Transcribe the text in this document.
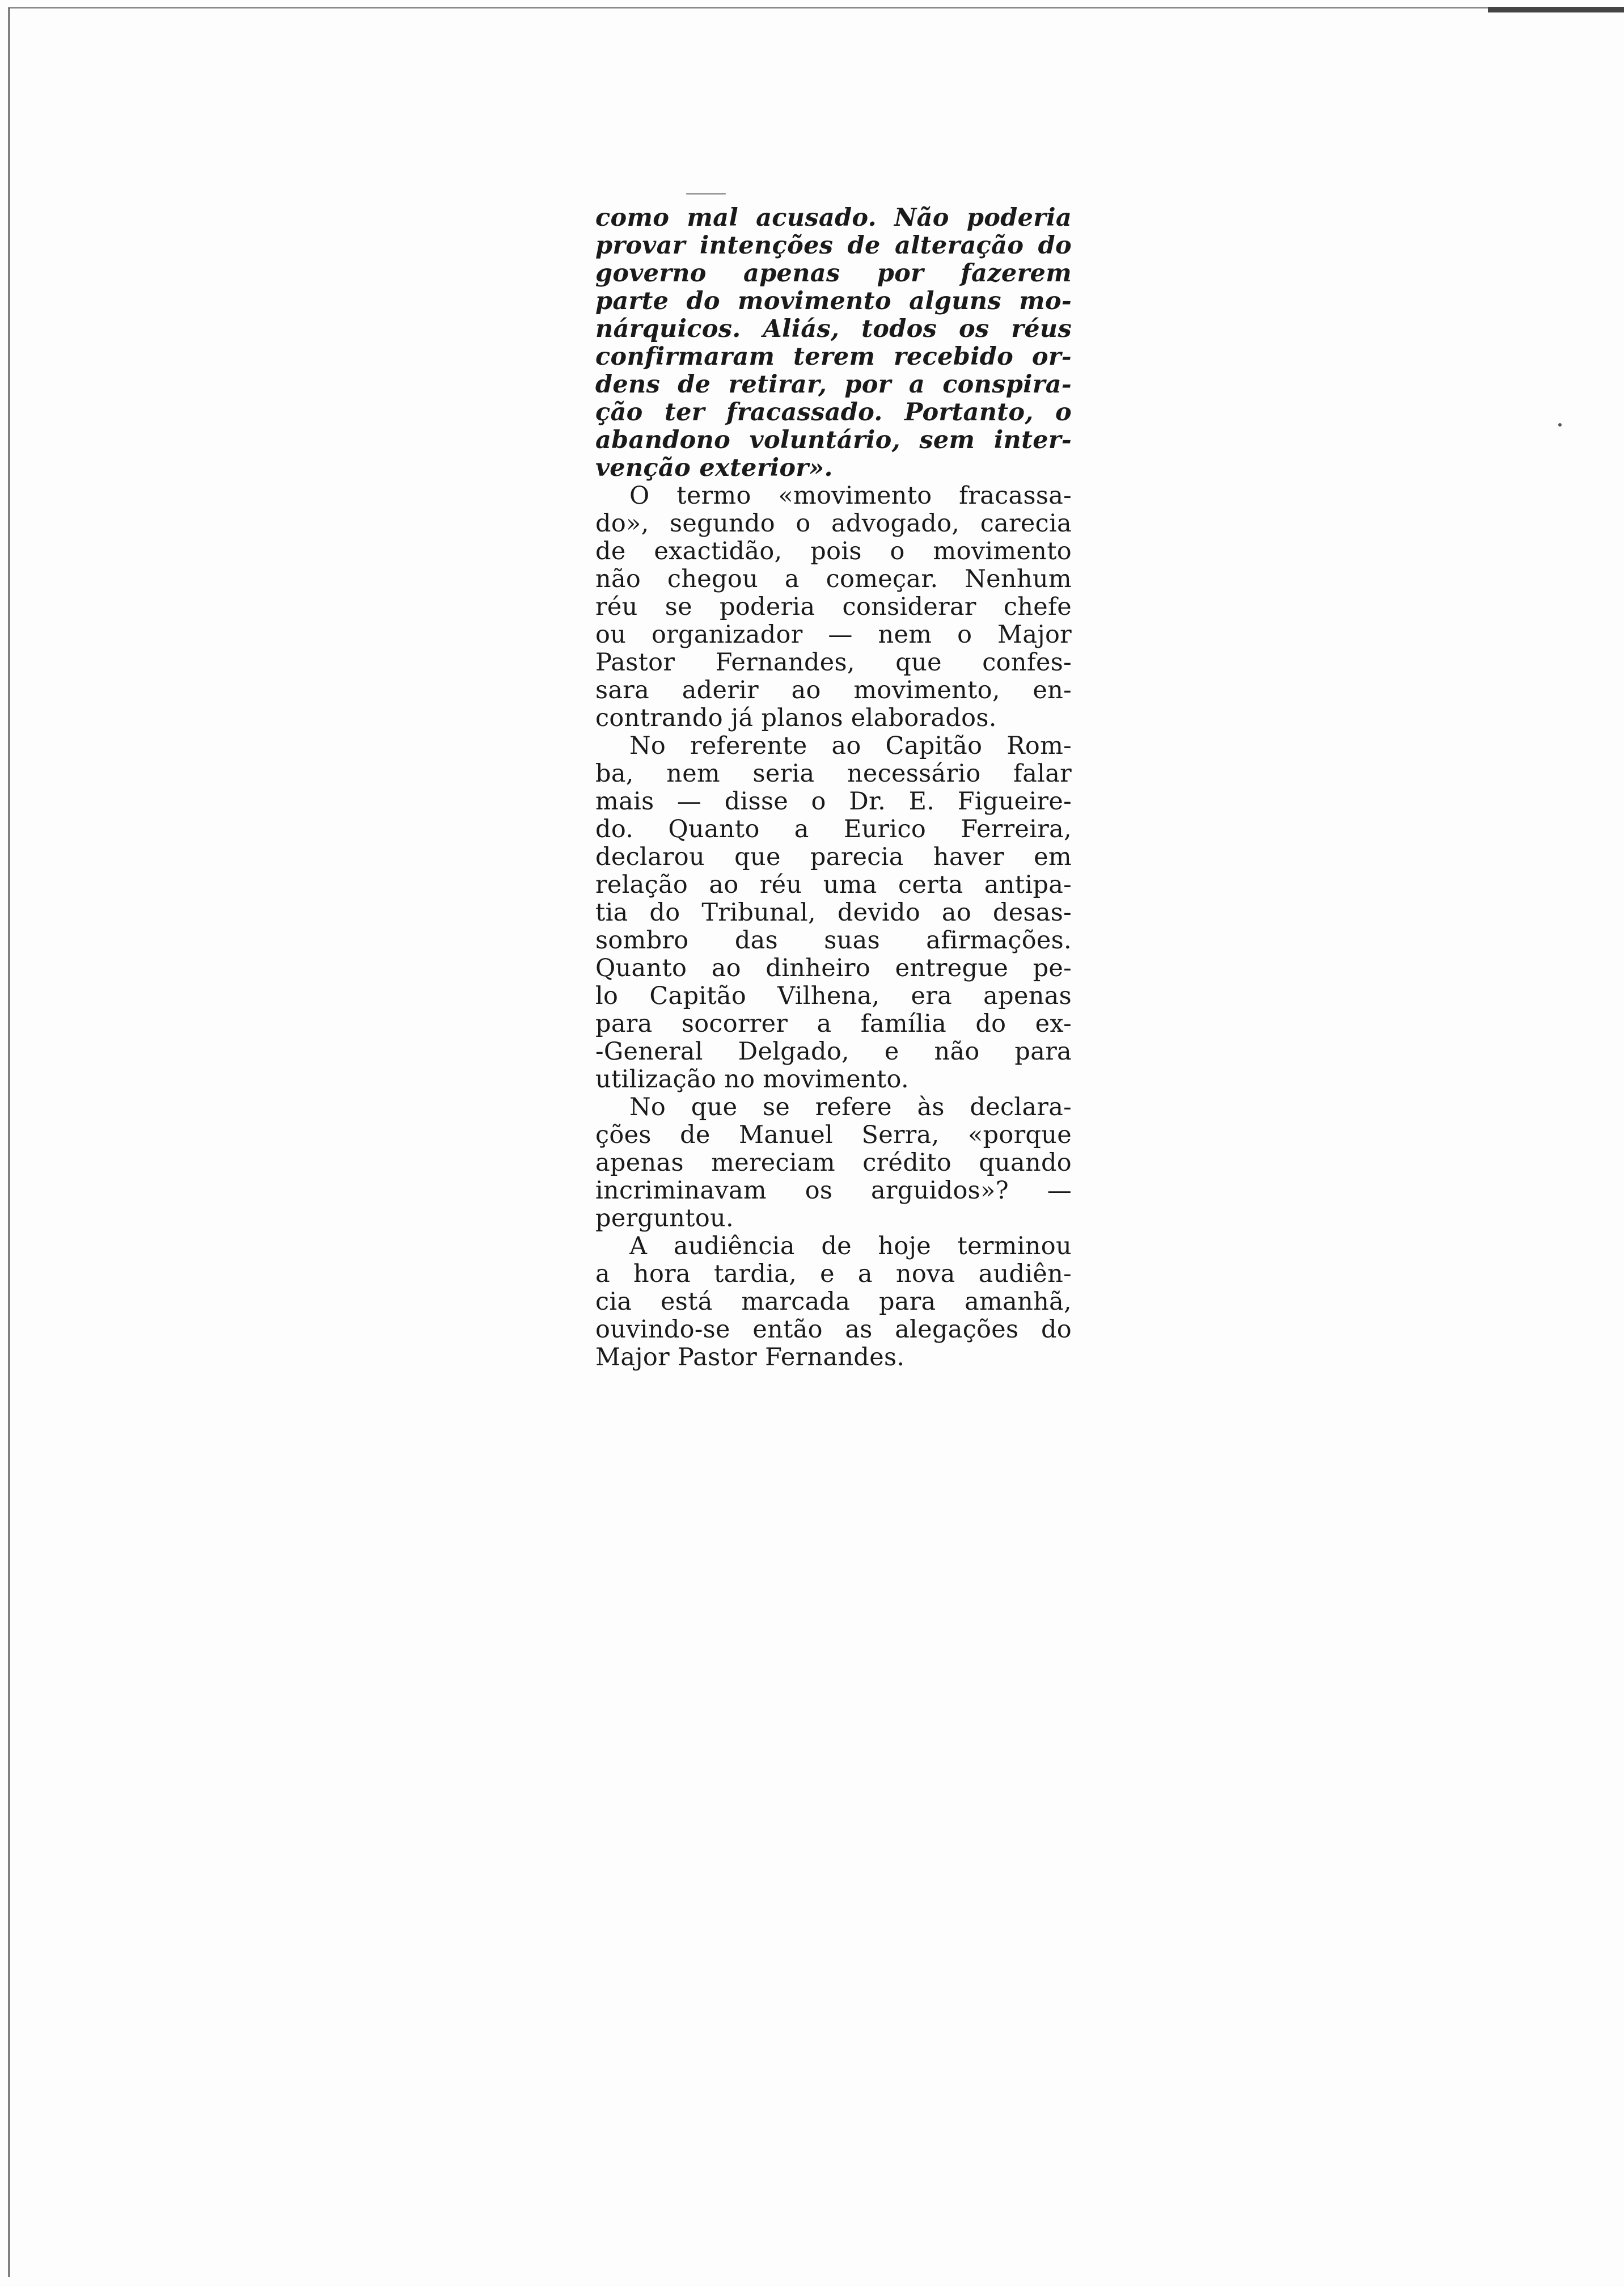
como mal acusado. Não poderia
provar intenções de alteração do
governo apenas por fazerem
parte do movimento alguns mo-
nárquicos. Aliás, todos os réus
confirmaram terem recebido or-
dens de retirar, por a conspira-
ção ter fracassado. Portanto, o
abandono voluntário, sem inter-
venção exterior».
O termo «movimento fracassa-
do», segundo o advogado, carecia
de exactidão, pois o movimento
não chegou a começar. Nenhum
réu se poderia considerar chefe
ou organizador — nem o Major
Pastor Fernandes, que confes-
sara aderir ao movimento, en-
contrando já planos elaborados.
No referente ao Capitão Rom-
ba, nem seria necessário falar
mais — disse o Dr. E. Figueire-
do. Quanto a Eurico Ferreira,
declarou que parecia haver em
relação ao réu uma certa antipa-
tia do Tribunal, devido ao desas-
sombro das suas afirmações.
Quanto ao dinheiro entregue pe-
lo Capitão Vilhena, era apenas
para socorrer a família do ex-
-General Delgado, e não para
utilização no movimento.
No que se refere às declara-
ções de Manuel Serra, «porque
apenas mereciam crédito quando
incriminavam os arguidos»? —
perguntou.
A audiência de hoje terminou
a hora tardia, e a nova audiên-
cia está marcada para amanhã,
ouvindo-se então as alegações do
Major Pastor Fernandes.
